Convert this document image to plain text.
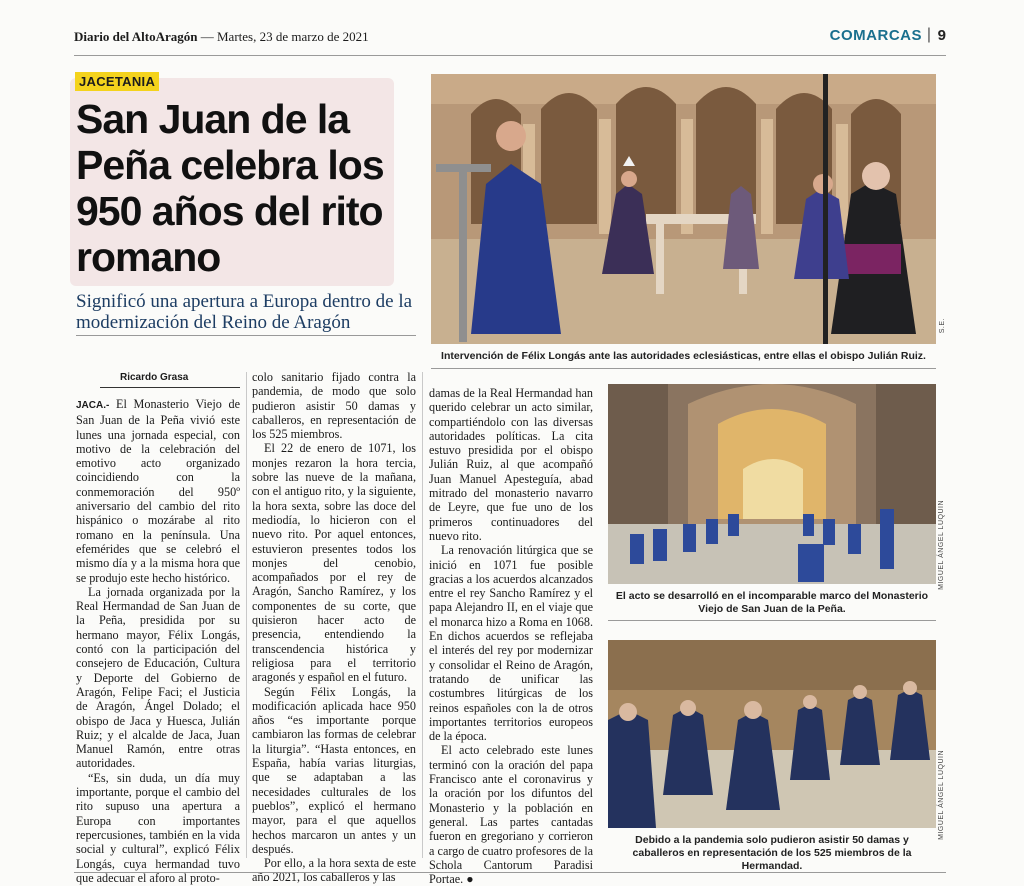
Diario del AltoAragón — Martes, 23 de marzo de 2021	COMARCAS | 9
JACETANIA
San Juan de la Peña celebra los 950 años del rito romano
Significó una apertura a Europa dentro de la modernización del Reino de Aragón	S.E.
Intervención de Félix Longás ante las autoridades eclesiásticas, entre ellas el obispo Julián Ruiz.
MIGUEL ÁNGEL LUQUIN
El acto se desarrolló en el incomparable marco del Monasterio Viejo de San Juan de la Peña.
MIGUEL ÁNGEL LUQUIN
Debido a la pandemia solo pudieron asistir 50 damas y caballeros en representación de los 525 miembros de la Hermandad.
Ricardo Grasa

JACA.- El Monasterio Viejo de San Juan de la Peña vivió este lunes una jornada especial, con motivo de la celebración del emotivo acto organizado coincidiendo con la conmemoración del 950º aniversario del cambio del rito hispánico o mozárabe al rito romano en la península. Una efemérides que se celebró el mismo día y a la misma hora que se produjo este hecho histórico.

La jornada organizada por la Real Hermandad de San Juan de la Peña, presidida por su hermano mayor, Félix Longás, contó con la participación del consejero de Educación, Cultura y Deporte del Gobierno de Aragón, Felipe Faci; el Justicia de Aragón, Ángel Dolado; el obispo de Jaca y Huesca, Julián Ruiz; y el alcalde de Jaca, Juan Manuel Ramón, entre otras autoridades.

“Es, sin duda, un día muy importante, porque el cambio del rito supuso una apertura a Europa con importantes repercusiones, también en la vida social y cultural”, explicó Félix Longás, cuya hermandad tuvo que adecuar el aforo al proto-

colo sanitario fijado contra la pandemia, de modo que solo pudieron asistir 50 damas y caballeros, en representación de los 525 miembros.

El 22 de enero de 1071, los monjes rezaron la hora tercia, sobre las nueve de la mañana, con el antiguo rito, y la siguiente, la hora sexta, sobre las doce del mediodía, lo hicieron con el nuevo rito. Por aquel entonces, estuvieron presentes todos los monjes del cenobio, acompañados por el rey de Aragón, Sancho Ramírez, y los componentes de su corte, que quisieron hacer acto de presencia, entendiendo la transcendencia histórica y religiosa para el territorio aragonés y español en el futuro.

Según Félix Longás, la modificación aplicada hace 950 años “es importante porque cambiaron las formas de celebrar la liturgia”. “Hasta entonces, en España, había varias liturgias, que se adaptaban a las necesidades culturales de los pueblos”, explicó el hermano mayor, para el que aquellos hechos marcaron un antes y un después.

Por ello, a la hora sexta de este año 2021, los caballeros y las

damas de la Real Hermandad han querido celebrar un acto similar, compartiéndolo con las diversas autoridades políticas. La cita estuvo presidida por el obispo Julián Ruiz, al que acompañó Juan Manuel Apesteguía, abad mitrado del monasterio navarro de Leyre, que fue uno de los primeros continuadores del nuevo rito.

La renovación litúrgica que se inició en 1071 fue posible gracias a los acuerdos alcanzados entre el rey Sancho Ramírez y el papa Alejandro II, en el viaje que el monarca hizo a Roma en 1068. En dichos acuerdos se reflejaba el interés del rey por modernizar y consolidar el Reino de Aragón, tratando de unificar las costumbres litúrgicas de los reinos españoles con la de otros importantes territorios europeos de la época.

El acto celebrado este lunes terminó con la oración del papa Francisco ante el coronavirus y la oración por los difuntos del Monasterio y la población en general. Las partes cantadas fueron en gregoriano y corrieron a cargo de cuatro profesores de la Schola Cantorum Paradisi Portae. ●
